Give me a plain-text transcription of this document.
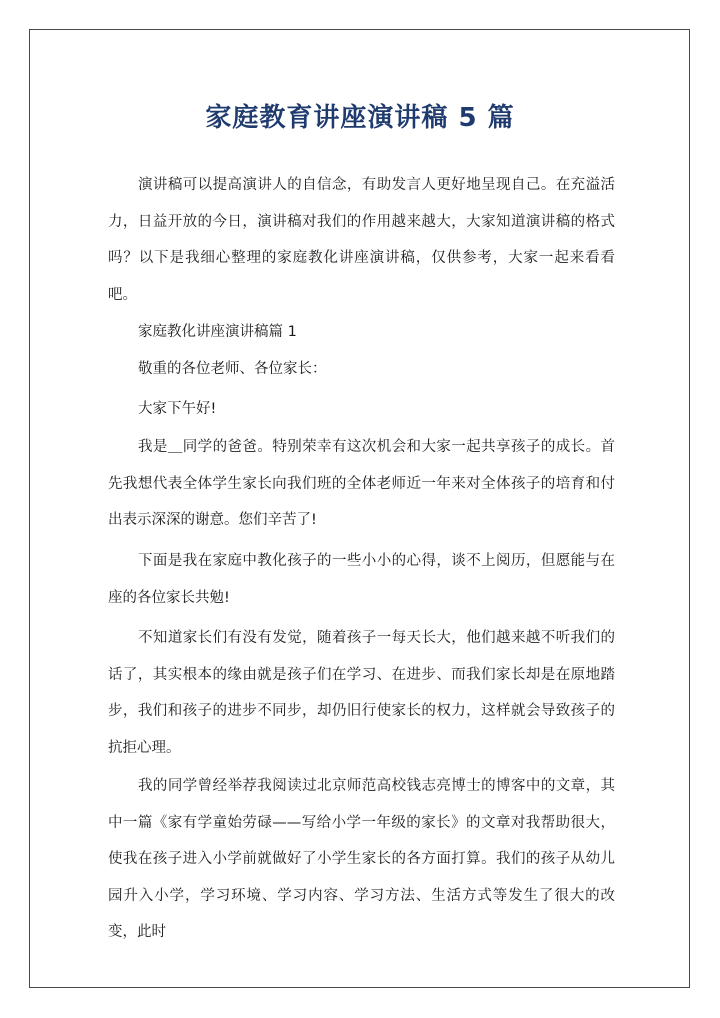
家庭教育讲座演讲稿 5 篇

演讲稿可以提高演讲人的自信念，有助发言人更好地呈现自己。在充溢活力，日益开放的今日，演讲稿对我们的作用越来越大，大家知道演讲稿的格式吗？以下是我细心整理的家庭教化讲座演讲稿，仅供参考，大家一起来看看吧。

家庭教化讲座演讲稿篇 1

敬重的各位老师、各位家长：

大家下午好!

我是＿同学的爸爸。特别荣幸有这次机会和大家一起共享孩子的成长。首先我想代表全体学生家长向我们班的全体老师近一年来对全体孩子的培育和付出表示深深的谢意。您们辛苦了!

下面是我在家庭中教化孩子的一些小小的心得，谈不上阅历，但愿能与在座的各位家长共勉!

不知道家长们有没有发觉，随着孩子一每天长大，他们越来越不听我们的话了，其实根本的缘由就是孩子们在学习、在进步、而我们家长却是在原地踏步，我们和孩子的进步不同步，却仍旧行使家长的权力，这样就会导致孩子的抗拒心理。

我的同学曾经举荐我阅读过北京师范高校钱志亮博士的博客中的文章，其中一篇《家有学童始劳碌——写给小学一年级的家长》的文章对我帮助很大，使我在孩子进入小学前就做好了小学生家长的各方面打算。我们的孩子从幼儿园升入小学，学习环境、学习内容、学习方法、生活方式等发生了很大的改变，此时
